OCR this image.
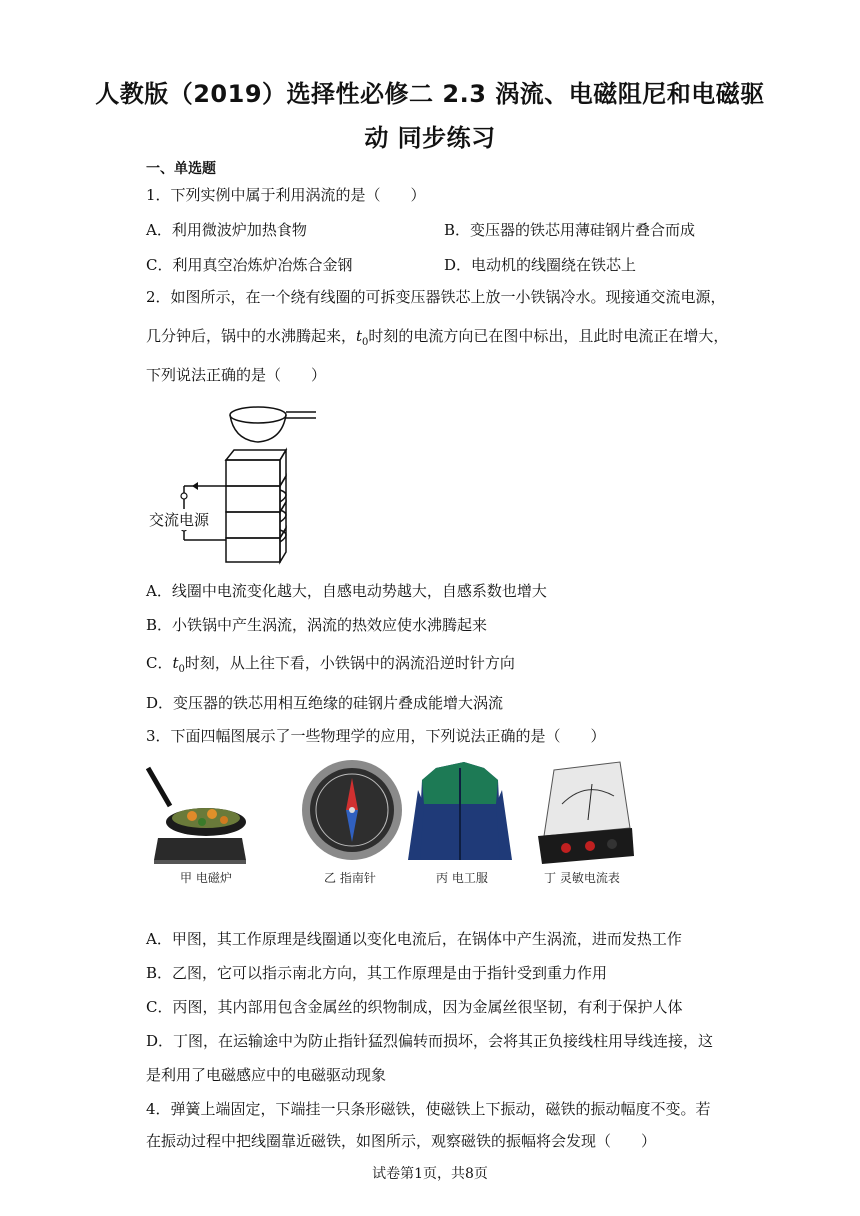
人教版（2019）选择性必修二 2.3 涡流、电磁阻尼和电磁驱
动 同步练习
一、单选题
1．下列实例中属于利用涡流的是（　　）
A．利用微波炉加热食物	B．变压器的铁芯用薄硅钢片叠合而成
C．利用真空冶炼炉冶炼合金钢	D．电动机的线圈绕在铁芯上
2．如图所示，在一个绕有线圈的可拆变压器铁芯上放一小铁锅冷水。现接通交流电源，
几分钟后，锅中的水沸腾起来，$t_0$时刻的电流方向已在图中标出，且此时电流正在增大，
下列说法正确的是（　　）
交流电源
A．线圈中电流变化越大，自感电动势越大，自感系数也增大
B．小铁锅中产生涡流，涡流的热效应使水沸腾起来
C．$t_0$时刻，从上往下看，小铁锅中的涡流沿逆时针方向
D．变压器的铁芯用相互绝缘的硅钢片叠成能增大涡流
3．下面四幅图展示了一些物理学的应用，下列说法正确的是（　　）
甲 电磁炉	乙 指南针	丙 电工服	丁 灵敏电流表
A．甲图，其工作原理是线圈通以变化电流后，在锅体中产生涡流，进而发热工作
B．乙图，它可以指示南北方向，其工作原理是由于指针受到重力作用
C．丙图，其内部用包含金属丝的织物制成，因为金属丝很坚韧，有利于保护人体
D．丁图，在运输途中为防止指针猛烈偏转而损坏，会将其正负接线柱用导线连接，这
是利用了电磁感应中的电磁驱动现象
4．弹簧上端固定，下端挂一只条形磁铁，使磁铁上下振动，磁铁的振动幅度不变。若
在振动过程中把线圈靠近磁铁，如图所示，观察磁铁的振幅将会发现（　　）
试卷第1页，共8页
